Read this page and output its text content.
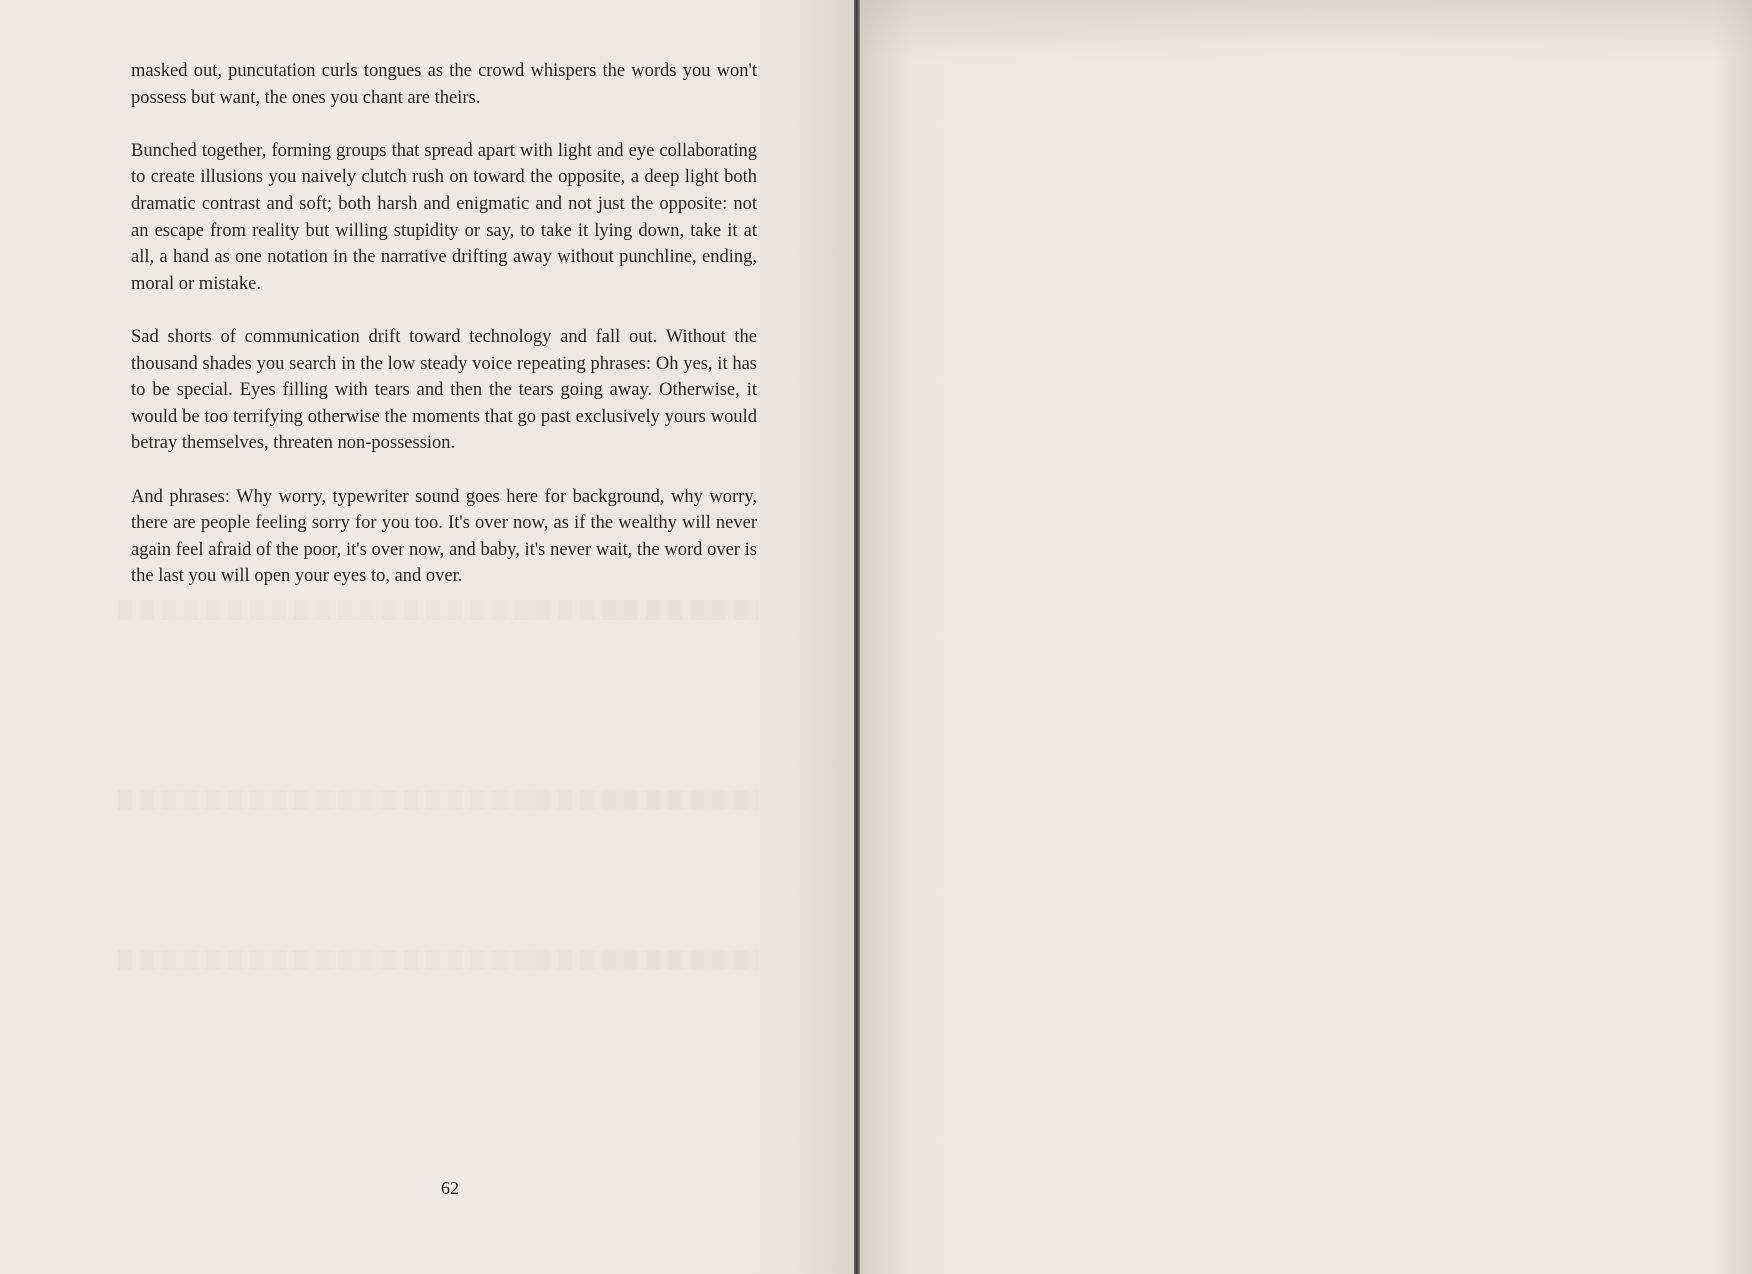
masked out, puncutation curls tongues as the crowd whispers the words you won't possess but want, the ones you chant are theirs.

Bunched together, forming groups that spread apart with light and eye collaborating to create illusions you naively clutch rush on toward the opposite, a deep light both dramatic contrast and soft; both harsh and enigmatic and not just the opposite: not an escape from reality but willing stupidity or say, to take it lying down, take it at all, a hand as one notation in the narrative drifting away without punchline, ending, moral or mistake.

Sad shorts of communication drift toward technology and fall out. Without the thousand shades you search in the low steady voice repeating phrases: Oh yes, it has to be special. Eyes filling with tears and then the tears going away. Otherwise, it would be too terrifying otherwise the moments that go past exclusively yours would betray themselves, threaten non-possession.

And phrases: Why worry, typewriter sound goes here for background, why worry, there are people feeling sorry for you too. It's over now, as if the wealthy will never again feel afraid of the poor, it's over now, and baby, it's never wait, the word over is the last you will open your eyes to, and over.

62
